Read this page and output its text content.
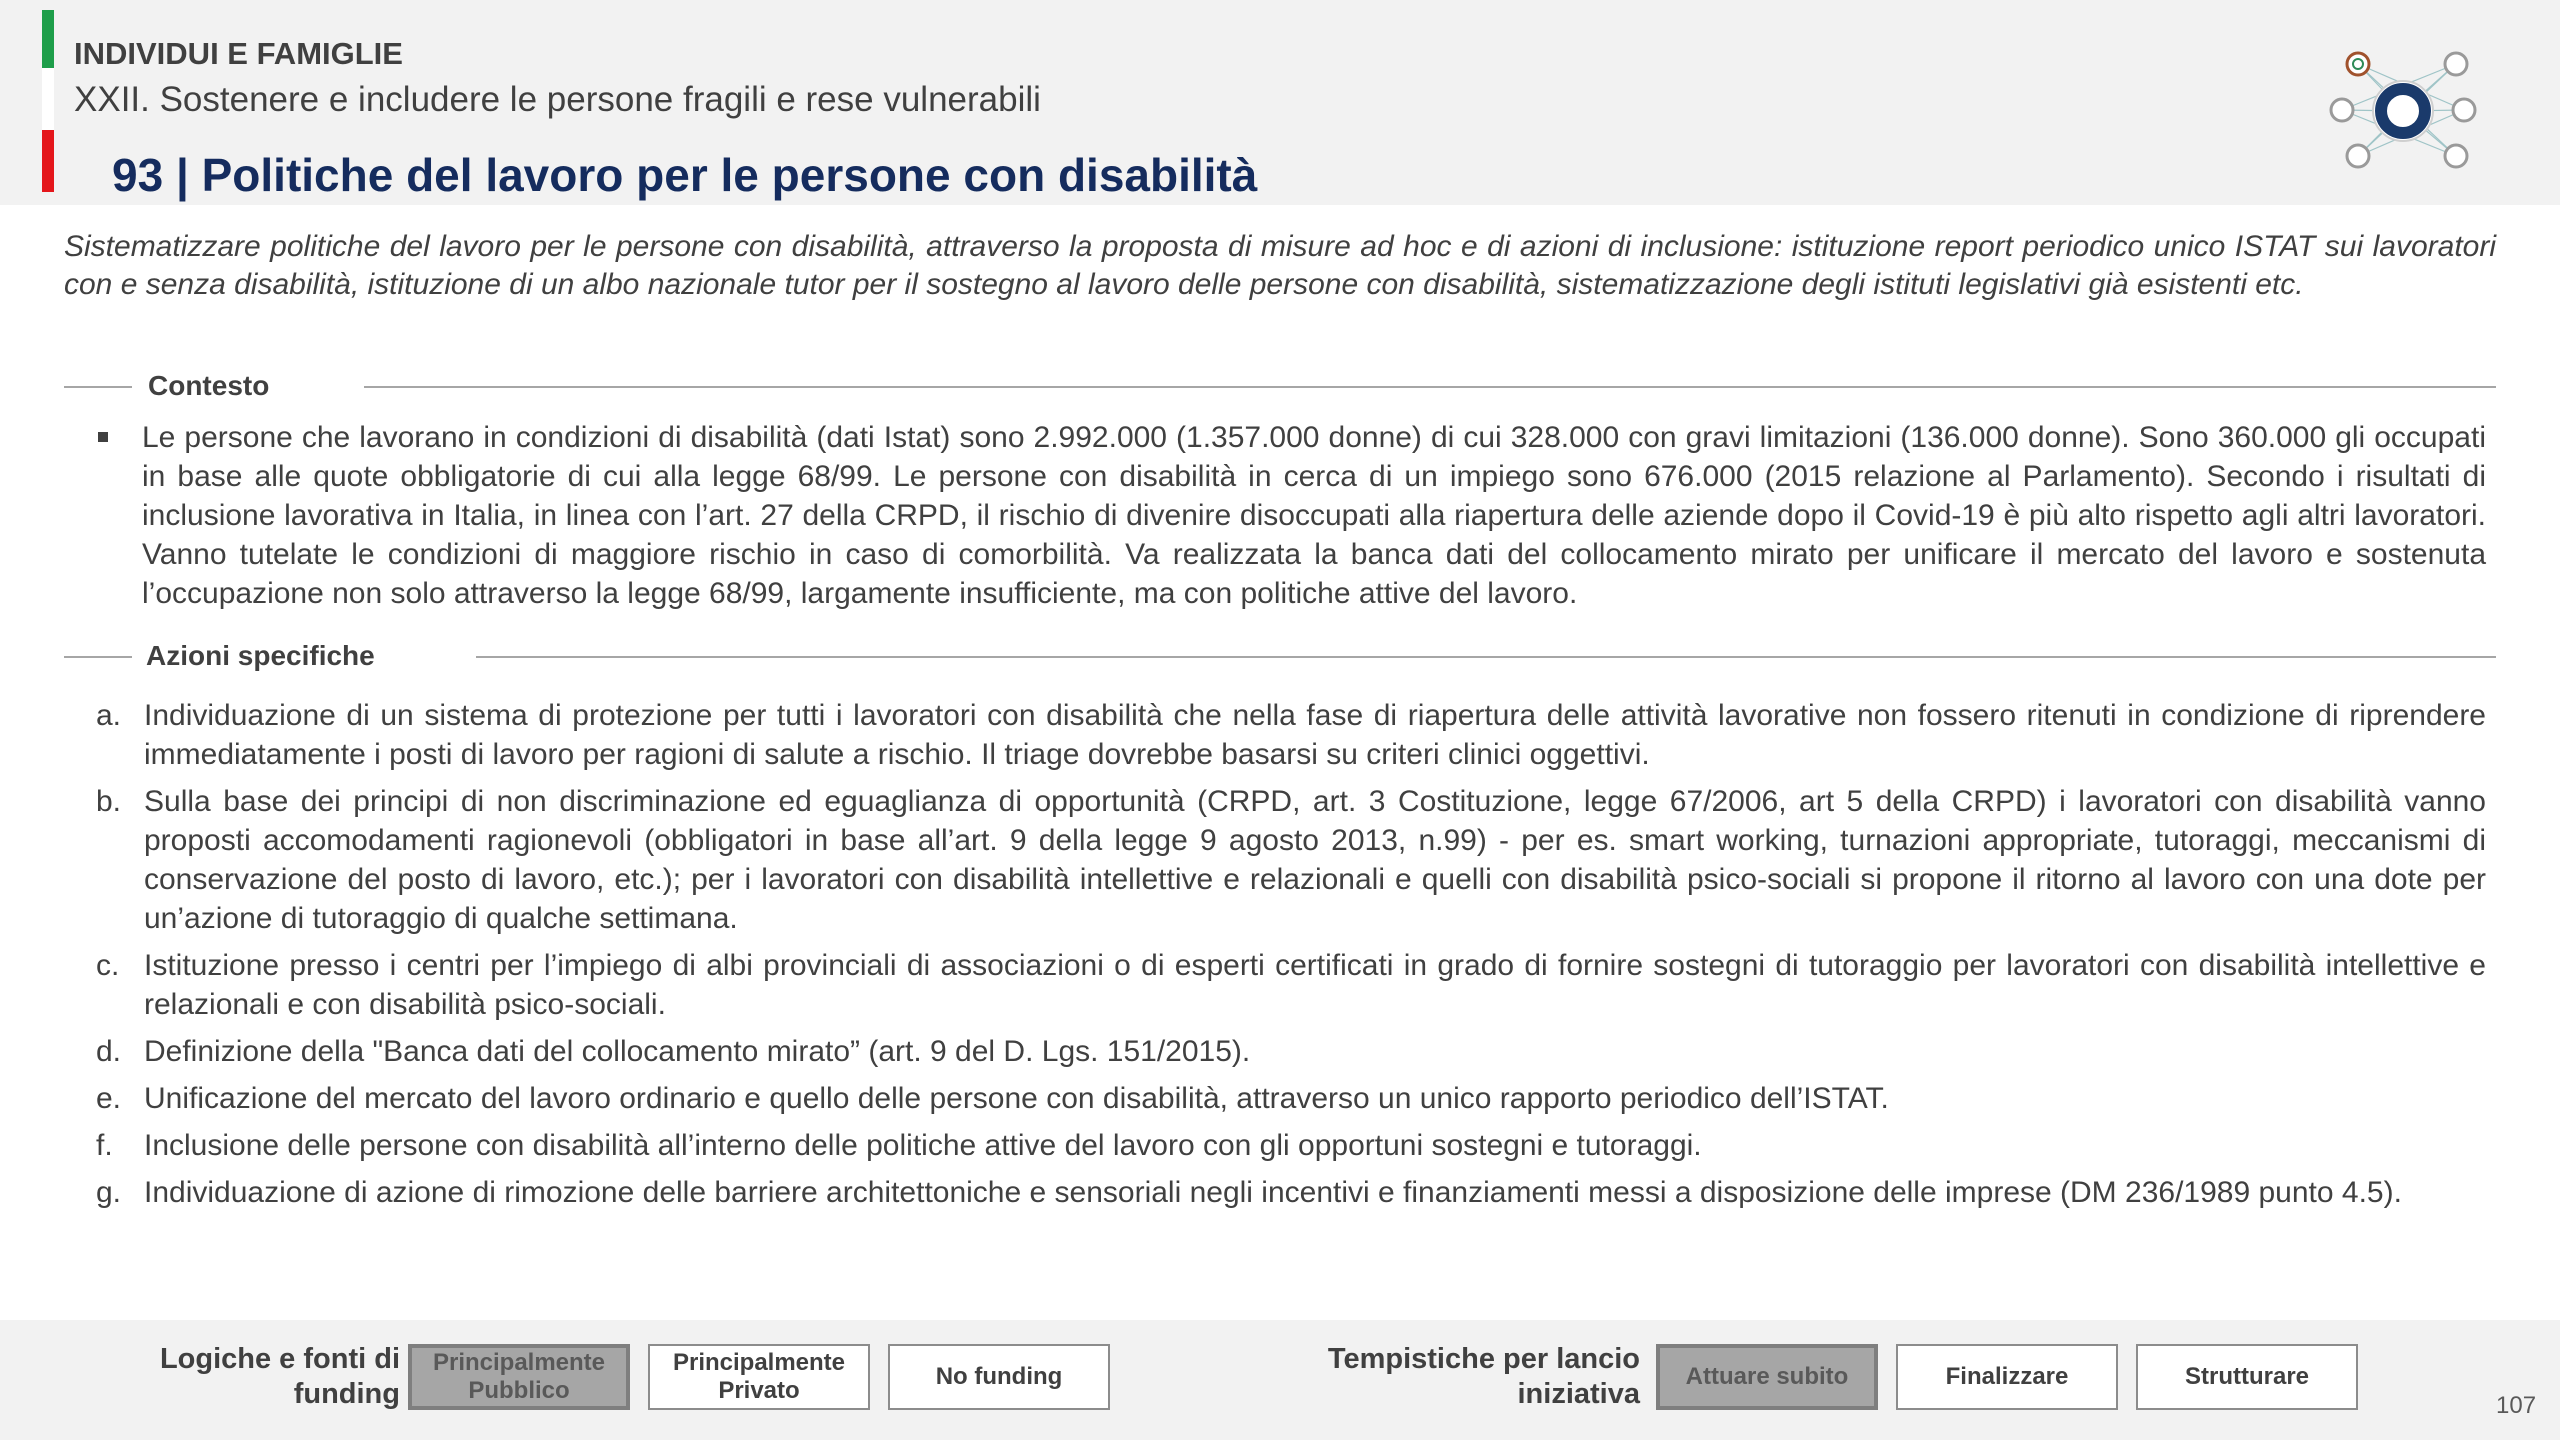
INDIVIDUI E FAMIGLIE
XXII. Sostenere e includere le persone fragili e rese vulnerabili
93 | Politiche del lavoro per le persone con disabilità
Sistematizzare politiche del lavoro per le persone con disabilità, attraverso la proposta di misure ad hoc e di azioni di inclusione: istituzione report periodico unico ISTAT sui lavoratori con e senza disabilità, istituzione di un albo nazionale tutor per il sostegno al lavoro delle persone con disabilità, sistematizzazione degli istituti legislativi già esistenti etc.
Contesto
Le persone che lavorano in condizioni di disabilità (dati Istat) sono 2.992.000 (1.357.000 donne) di cui 328.000 con gravi limitazioni (136.000 donne). Sono 360.000 gli occupati in base alle quote obbligatorie di cui alla legge 68/99. Le persone con disabilità in cerca di un impiego sono 676.000 (2015 relazione al Parlamento). Secondo i risultati di inclusione lavorativa in Italia, in linea con l’art. 27 della CRPD, il rischio di divenire disoccupati alla riapertura delle aziende dopo il Covid-19 è più alto rispetto agli altri lavoratori. Vanno tutelate le condizioni di maggiore rischio in caso di comorbilità. Va realizzata la banca dati del collocamento mirato per unificare il mercato del lavoro e sostenuta l’occupazione non solo attraverso la legge 68/99, largamente insufficiente, ma con politiche attive del lavoro.
Azioni specifiche
a. Individuazione di un sistema di protezione per tutti i lavoratori con disabilità che nella fase di riapertura delle attività lavorative non fossero ritenuti in condizione di riprendere immediatamente i posti di lavoro per ragioni di salute a rischio. Il triage dovrebbe basarsi su criteri clinici oggettivi.
b. Sulla base dei principi di non discriminazione ed eguaglianza di opportunità (CRPD, art. 3 Costituzione, legge 67/2006, art 5 della CRPD) i lavoratori con disabilità vanno proposti accomodamenti ragionevoli (obbligatori in base all’art. 9 della legge 9 agosto 2013, n.99) - per es. smart working, turnazioni appropriate, tutoraggi, meccanismi di conservazione del posto di lavoro, etc.); per i lavoratori con disabilità intellettive e relazionali e quelli con disabilità psico-sociali si propone il ritorno al lavoro con una dote per un’azione di tutoraggio di qualche settimana.
c. Istituzione presso i centri per l’impiego di albi provinciali di associazioni o di esperti certificati in grado di fornire sostegni di tutoraggio per lavoratori con disabilità intellettive e relazionali e con disabilità psico-sociali.
d. Definizione della "Banca dati del collocamento mirato” (art. 9 del D. Lgs. 151/2015).
e. Unificazione del mercato del lavoro ordinario e quello delle persone con disabilità, attraverso un unico rapporto periodico dell’ISTAT.
f. Inclusione delle persone con disabilità all’interno delle politiche attive del lavoro con gli opportuni sostegni e tutoraggi.
g. Individuazione di azione di rimozione delle barriere architettoniche e sensoriali negli incentivi e finanziamenti messi a disposizione delle imprese (DM 236/1989 punto 4.5).
Logiche e fonti di funding
Principalmente Pubblico
Principalmente Privato
No funding
Tempistiche per lancio iniziativa
Attuare subito	Finalizzare	Strutturare
107
